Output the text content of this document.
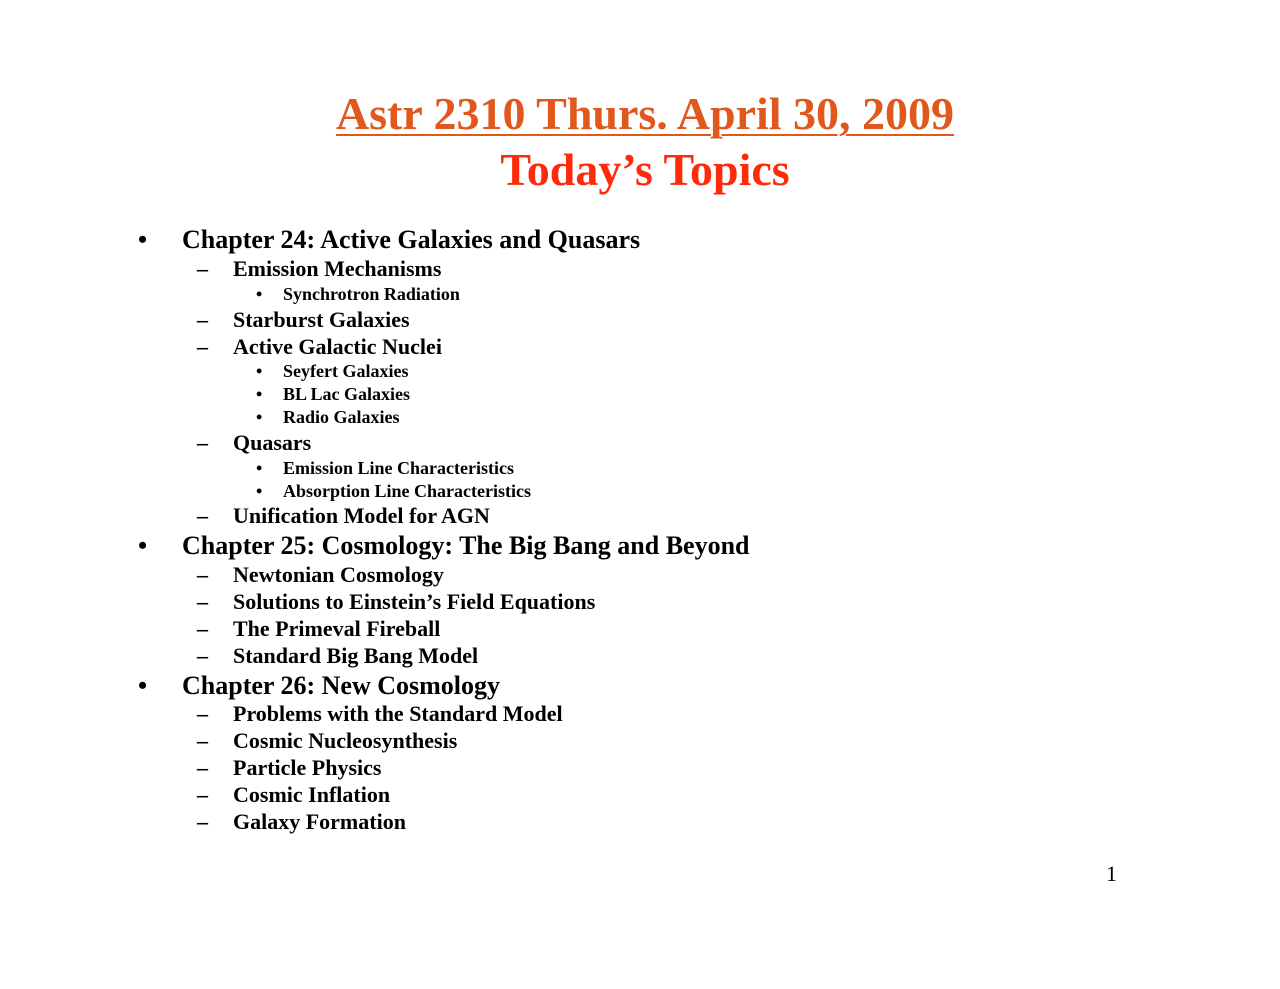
Astr 2310 Thurs. April 30, 2009
Today’s Topics
• Chapter 24: Active Galaxies and Quasars
– Emission Mechanisms
• Synchrotron Radiation
– Starburst Galaxies
– Active Galactic Nuclei
• Seyfert Galaxies
• BL Lac Galaxies
• Radio Galaxies
– Quasars
• Emission Line Characteristics
• Absorption Line Characteristics
– Unification Model for AGN
• Chapter 25: Cosmology: The Big Bang and Beyond
– Newtonian Cosmology
– Solutions to Einstein’s Field Equations
– The Primeval Fireball
– Standard Big Bang Model
• Chapter 26: New Cosmology
– Problems with the Standard Model
– Cosmic Nucleosynthesis
– Particle Physics
– Cosmic Inflation
– Galaxy Formation
1
